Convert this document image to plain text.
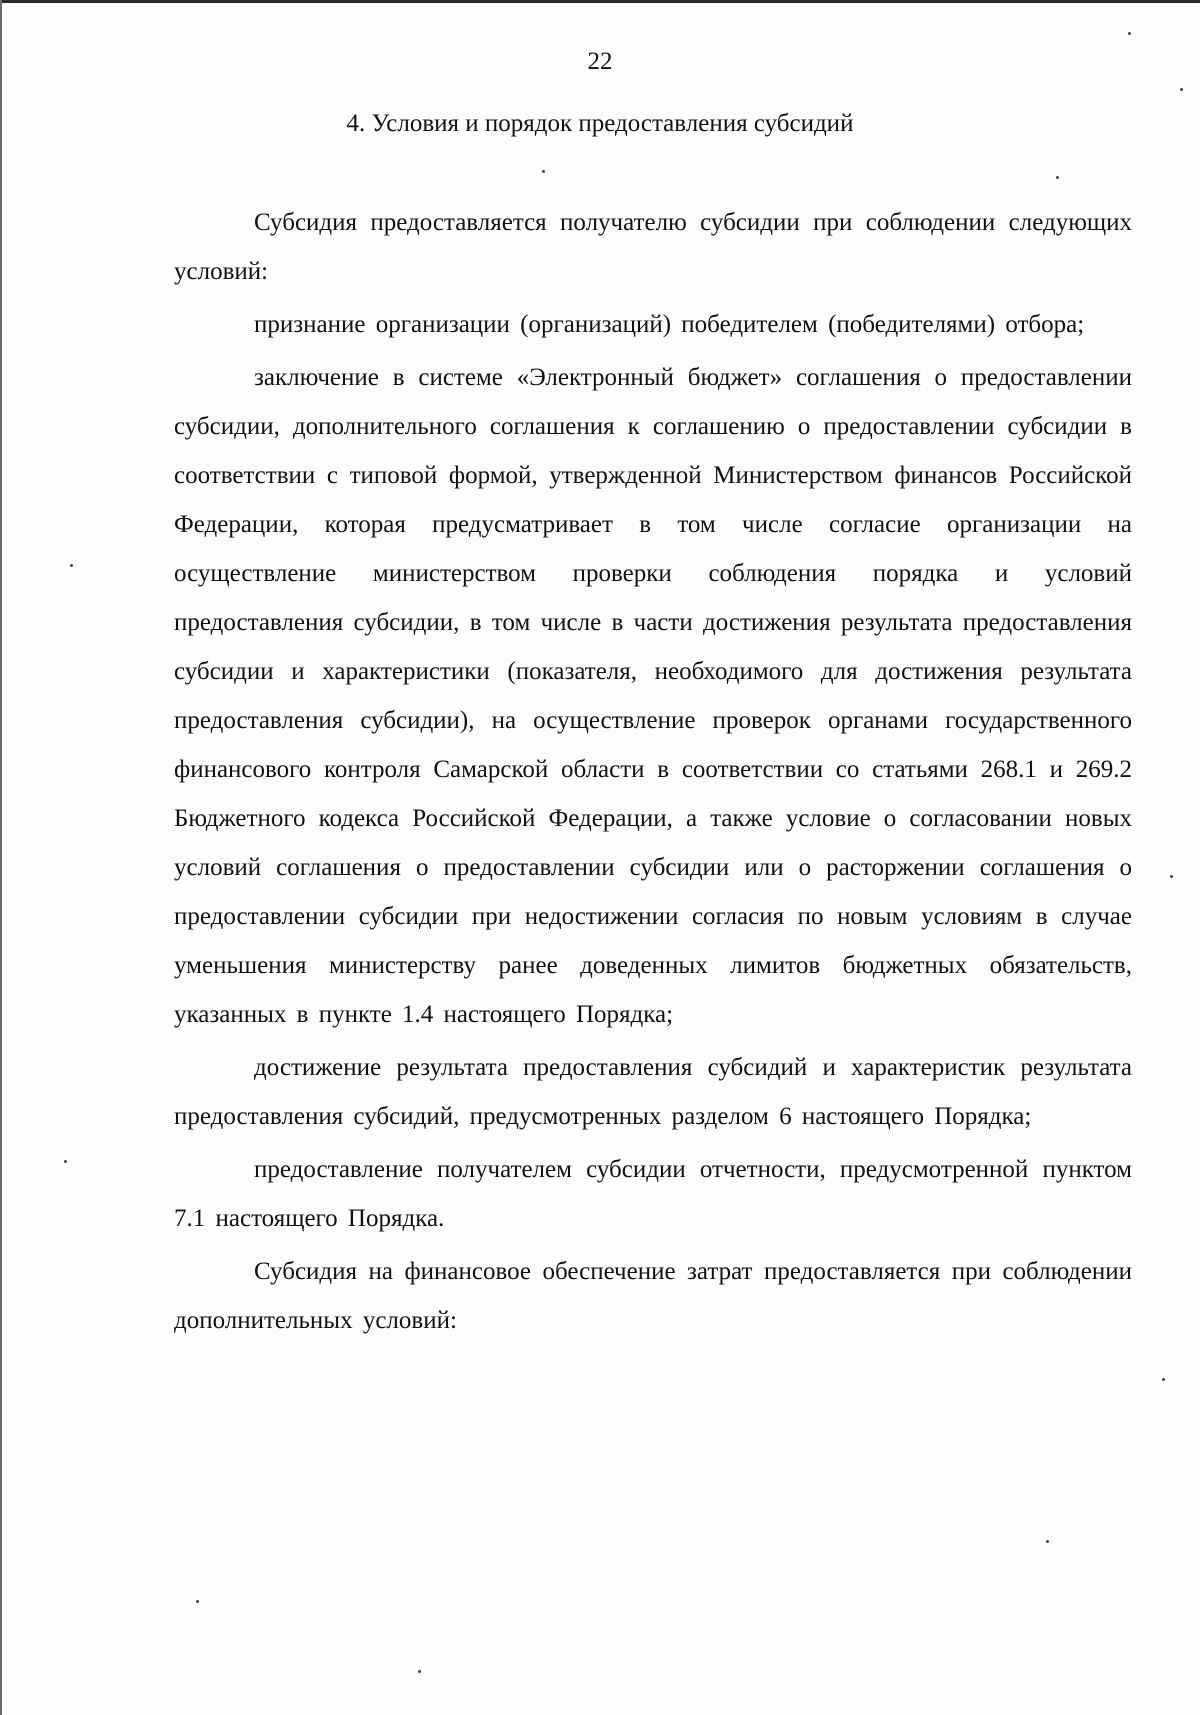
22
4. Условия и порядок предоставления субсидий

Субсидия предоставляется получателю субсидии при соблюдении следующих условий:

признание организации (организаций) победителем (победителями) отбора;

заключение в системе «Электронный бюджет» соглашения о предоставлении субсидии, дополнительного соглашения к соглашению о предоставлении субсидии в соответствии с типовой формой, утвержденной Министерством финансов Российской Федерации, которая предусматривает в том числе согласие организации на осуществление министерством проверки соблюдения порядка и условий предоставления субсидии, в том числе в части достижения результата предоставления субсидии и характеристики (показателя, необходимого для достижения результата предоставления субсидии), на осуществление проверок органами государственного финансового контроля Самарской области в соответствии со статьями 268.1 и 269.2 Бюджетного кодекса Российской Федерации, а также условие о согласовании новых условий соглашения о предоставлении субсидии или о расторжении соглашения о предоставлении субсидии при недостижении согласия по новым условиям в случае уменьшения министерству ранее доведенных лимитов бюджетных обязательств, указанных в пункте 1.4 настоящего Порядка;

достижение результата предоставления субсидий и характеристик результата предоставления субсидий, предусмотренных разделом 6 настоящего Порядка;

предоставление получателем субсидии отчетности, предусмотренной пунктом 7.1 настоящего Порядка.

Субсидия на финансовое обеспечение затрат предоставляется при соблюдении дополнительных условий:
